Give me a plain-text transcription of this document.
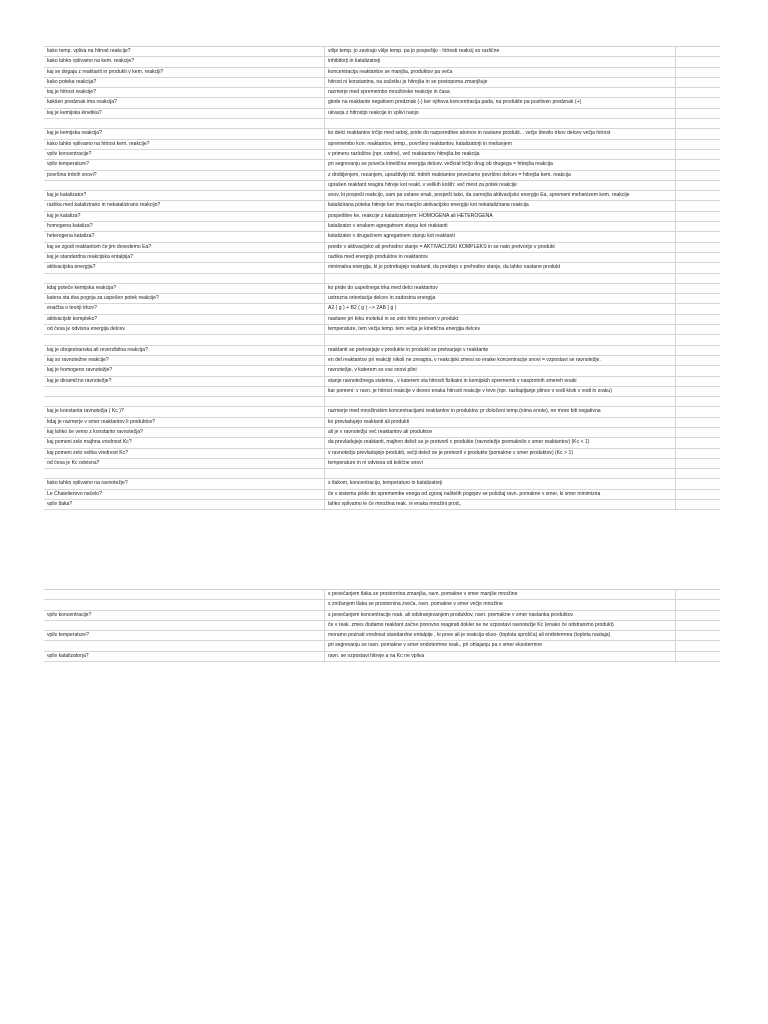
kako temp. vpliva na hitrost reakcije?	višje temp. jo zavirajo višje temp. pa jo pospešijo - hitrosti reakcij so različne
kako lahko vplivamo na kem. reakcije?	inhibitorji in katalizatorji
kaj se dogaja z reaktanti in produkti v kem. reakciji?	koncentracija reaktantov se manjša, produktov pa veča
kako poteka reakcija?	hitrost ni konstantna, na začetku je hitrejša in se postopoma zmanjšuje
kaj je hitrost reakcije?	razmerje med spremembo množinske reakcije in časa
kakšen predznak ima reakcija?	glede na reaktante negativen predznak (-) ker njihova koncentracija pada, na produkte pa pozitiven predznak (+)
kaj je kemijska kinetika?	ukvarja z hitrostjo reakcije in vplivi nanjo
kaj je kemijska reakcija?	ko delci reaktantov trčijo med seboj, pride do razporeditve atomov in nastane produkt... večje število trkov delcev večja hitrost
kako lahko vplivamo na hitrost kem. reakcije?	spremembo kon. reaktantov, temp., površino reaktantov, katalizatorji in mešanjem
vpliv koncentracije?	v primeru razložine (npr. vodne), več reaktantov hitrejša bo reakcija
vpliv temperature?	pri segrevanju se poveča kinetična energija delcev, večkrat trčijo drug ob drugega = hitrejša reakcija
površina trdnih snovi?	z drobljenjem, rezanjem, uprašitvijo itd. trdnih reaktantov povečamo površino delcev = hitrejša kem. reakcija
uprašen reaktant reagira hitreje kot reakt. v velikih koših: več mest za potek reakcije
kaj je katalizator?	snov, ki pospeši reakcijo, sam pa ostane enak, pospeši tako, da zamnjša aktivacijsko energijo Ea, spremeni mehanizem kem. reakcije
razlika med katalizirano in nekatalizirano reakcijo?	katalizirana poteka hitreje ker ima manjšo aktivacijsko energijo kot nekatalizirana reakcija
kaj je kataliza?	pospešitev kе. reakcije z katalizatorjem: HOMOGENA ali HETEROGENA
homogena kataliza?	katalizator v enakem agregatnem stanju kot reaktanti
heterogena kataliza?	katalizator v drugačnem agregatnem stanju kot reaktanti
kaj se zgodi reaktantom če jim dovedemo Ea?	preide v aktivacijsko ali prehodno stanje = AKTIVACIJSKI KOMPLEKS in se nato pretvorijo v produkt
kaj je standardna reakcijska entalpija?	razlika med energijo produktov in reaktantov
aktivacijska energija?	minimalna energija, ki jo potrebujejo reaktanti, da preidejo v prehodno stanje, da lahko nastane produkt
kdaj poteče kemijska reakcija?	ko pride do uspešnega trka med delci reaktantov
katera sta dva pogoja za uspešen potek reakcije?	ustrezna orientacija delcev in zadostna energija
enačba o teoriji trkov?	A2 ( g ) + B2 ( g ) --> 2AB ( g )
aktivacijski kompleks?	nastane pri teku molekul in se zelo hitro pretvori v produkt
od česa je odvisna energija delcev	temperature, tem večja temp. tem večja je kinetična energija delcev
kaj je obojestranska ali reverzibilna reakcija?	reaktanti se pretvarjajo v produkte in produkti se pretvarjajo v reaktante
kaj so ravnotežne reakcije?	en del reaktantov pri reakciji nikoli ne zreagira, v reakcijski zmesi so enake koncentracije snovi = vzpostavi se ravnotežje.
kaj je homogeno ravnotežje?	ravnotežje, v katerem so vse snovi plini
kaj je dinamično ravnotežje?	stanje ravnotežnega sistema , v katerem sta hitrosti fizikalni in kemijskih sprememb v nasprotnih smereh enaki
kar pomeni: v ravn. je hitrost reakcije v desno enaka hitrosti reakcije v levo (npr. razliapljanje plinov v vodi kisik v vodi in zraku)
kaj je konstanta ravnotežja ( Kc )?	razmerje med množinskim koncentracijami reaktantov in produktov pr določeni temp.(nima enote), ne more biti negativna
kdaj je razmerje v smer reaktantov li produktov?	ko prevladujejo reaktanti ali produkti
kaj lahko še vemo z konstanto ravnotežja?	ali je v ravnotežju več reaktantov ali produktov
kaj pomeni zelo majhna vrednost Kc?	da prevladujejo reaktanti, majhen delež se je pretvoril v produkte (ravnotežje premaknilo v smer reaktantov) (Kc < 1)
kaj pomeni zelo velika vrednost Kc?	v ravnotežju prevladujejo produkti, večji delež se je pretvoril v produkte (pomakne v smer produktov) (Kc > 1)
od česa je Kc odvisna?	temperature in ni odvisna od količne snovi
kako lahko vplivamo na ravnotežje?	s tlakom, koncentracijo, temperaturo in katalizatorji
Le Chatelierovo načelo?	če v sistemu pride do spremembe enega od zgoraj naštetih pogojev se položaj ravn. pomakne v smer, ki smer minimizira
vpliv tlaka?	lahko vplivamo le če množina reak. ni enaka množini prod.,
s povečanjem tlaka se prostornina zmanjša, ravn. pomakne v smer manjše množine
s znižanjem tlaka se prostornina zveča, ravn. pomakne v smer večje množine
vpliv koncentracije?	s povečanjem koncentracije reak. ali odstranjevanjem produktov, ravn. premakne v smer nastanka produktov
če v reak. zmes dodamo reaktant začne ponovno reagirati dokler se ne vzpostavi ravnotežje Kc (enako če odstranimo produkt)
vpliv temperature?	moramo poznati vrednost standardne entalpije , ki pove ali je reakcija ekso- (toplota sprošča) ali endotermna (toplota nastaja)
pri segrevanju se ravn. pomakne v smer endotermne reak., pri ohlajanju pa v smer eksotermne
vpliv katalizatorja?	ravn. se vzpostavi hitreje a na Kc ne vpliva
